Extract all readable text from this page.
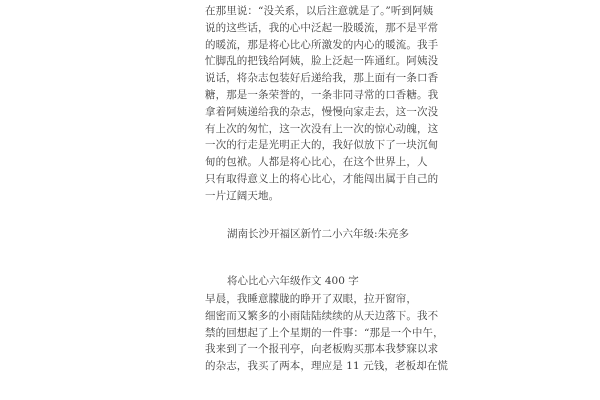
在那里说：“没关系，以后注意就是了。”听到阿姨
说的这些话，我的心中泛起一股暖流，那不是平常
的暖流，那是将心比心所激发的内心的暖流。我手
忙脚乱的把钱给阿姨，脸上泛起一阵通红。阿姨没
说话，将杂志包装好后递给我，那上面有一条口香
糖，那是一条荣誉的，一条非同寻常的口香糖。我
拿着阿姨递给我的杂志，慢慢向家走去，这一次没
有上次的匆忙，这一次没有上一次的惊心动魄，这
一次的行走是光明正大的，我好似放下了一块沉甸
甸的包袱。人都是将心比心，在这个世界上，人
只有取得意义上的将心比心，才能闯出属于自己的
一片辽阔天地。
湖南长沙开福区新竹二小六年级:朱亮多
将心比心六年级作文 400 字
早晨，我睡意朦胧的睁开了双眼，拉开窗帘，
细密而又繁多的小雨陆陆续续的从天边落下。我不
禁的回想起了上个星期的一件事：“那是一个中午，
我来到了一个报刊亭，向老板购买那本我梦寐以求
的杂志，我买了两本，理应是 11 元钱，老板却在慌
